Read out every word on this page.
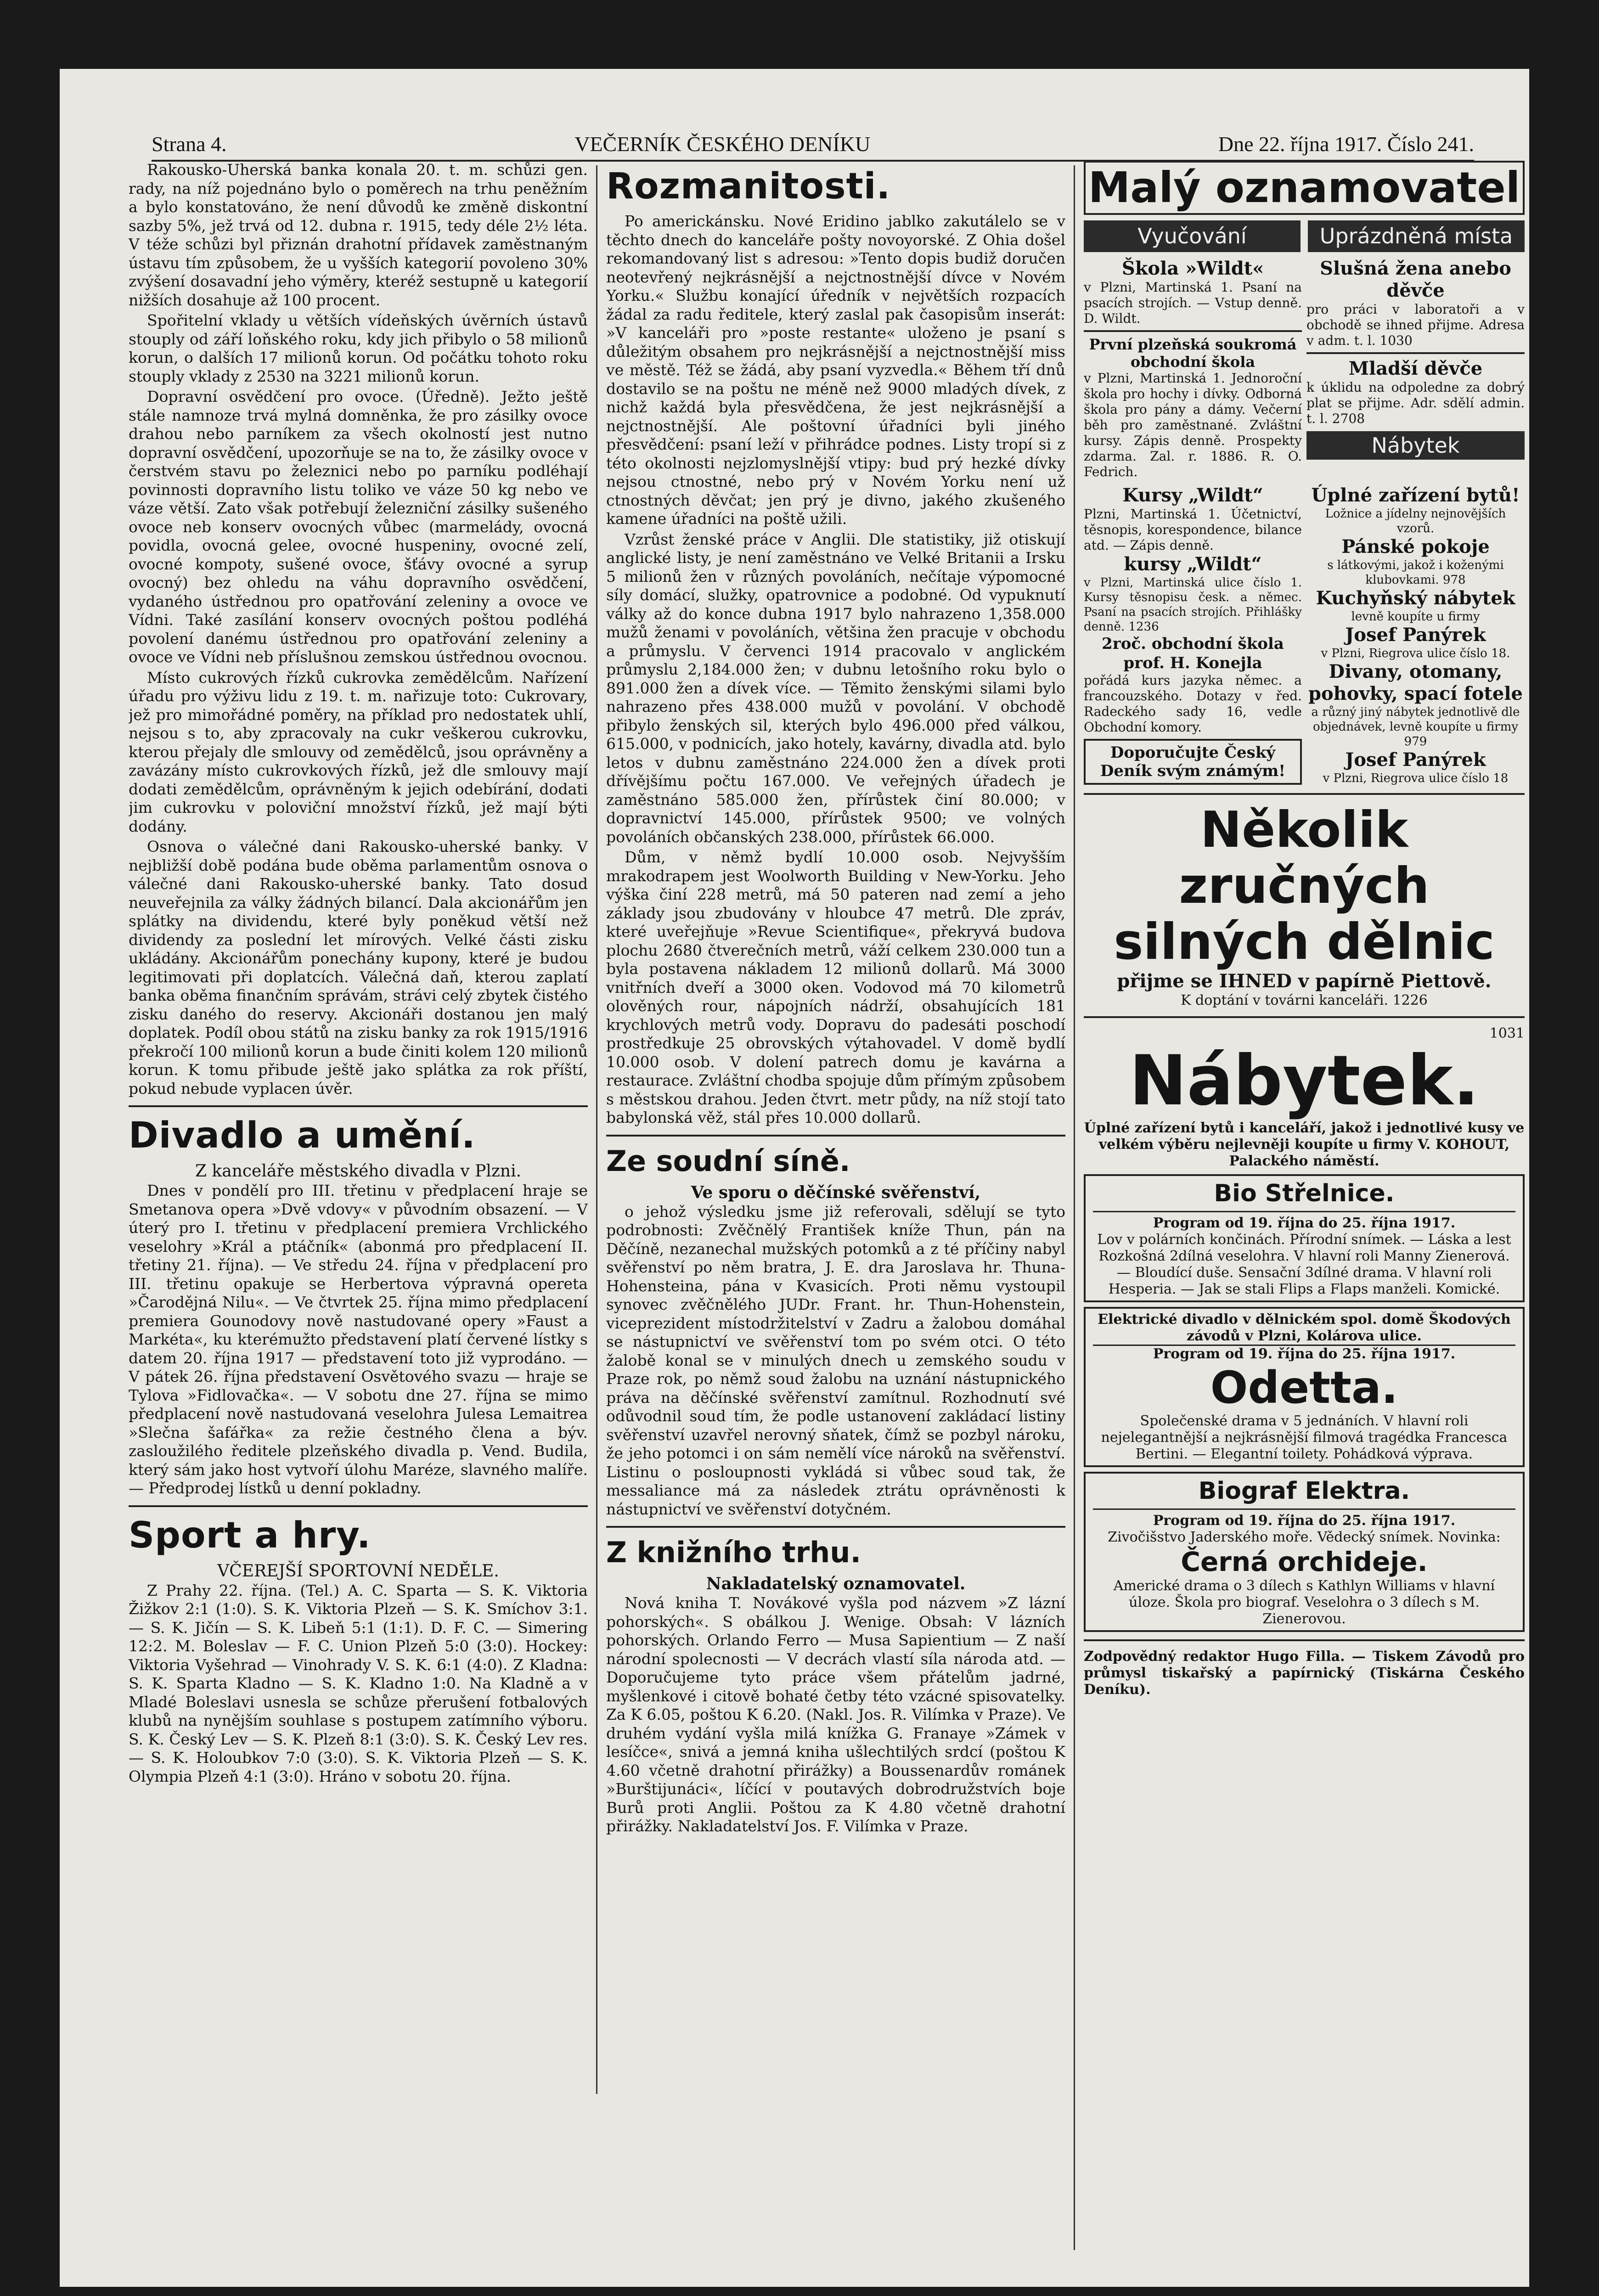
Strana 4.	VEČERNÍK ČESKÉHO DENÍKU	Dne 22. října 1917. Číslo 241.

Rakousko-Uherská banka konala 20. t. m. schůzi gen. rady, na níž pojednáno bylo o poměrech na trhu peněžním a bylo konstatováno, že není důvodů ke změně diskontní sazby 5%, jež trvá od 12. dubna r. 1915, tedy déle 2½ léta. V téže schůzi byl přiznán drahotní přídavek zaměstnaným ústavu tím způsobem, že u vyšších kategorií povoleno 30% zvýšení dosavadní jeho výměry, kteréž sestupně u kategorií nižších dosahuje až 100 procent.

Spořitelní vklady u větších vídeňských úvěrních ústavů stouply od září loňského roku, kdy jich přibylo o 58 milionů korun, o dalších 17 milionů korun. Od počátku tohoto roku stouply vklady z 2530 na 3221 milionů korun.

Dopravní osvědčení pro ovoce. (Úředně). Ježto ještě stále namnoze trvá mylná domněnka, že pro zásilky ovoce drahou nebo parníkem za všech okolností jest nutno dopravní osvědčení, upozorňuje se na to, že zásilky ovoce v čerstvém stavu po železnici nebo po parníku podléhají povinnosti dopravního listu toliko ve váze 50 kg nebo ve váze větší. Zato však potřebují železniční zásilky sušeného ovoce neb konserv ovocných vůbec (marmelády, ovocná povidla, ovocná gelee, ovocné huspeniny, ovocné zelí, ovocné kompoty, sušené ovoce, šťávy ovocné a syrup ovocný) bez ohledu na váhu dopravního osvědčení, vydaného ústřednou pro opatřování zeleniny a ovoce ve Vídni. Také zasílání konserv ovocných poštou podléhá povolení danému ústřednou pro opatřování zeleniny a ovoce ve Vídni neb příslušnou zemskou ústřednou ovocnou.

Místo cukrových řízků cukrovka zemědělcům. Nařízení úřadu pro výživu lidu z 19. t. m. nařizuje toto: Cukrovary, jež pro mimořádné poměry, na příklad pro nedostatek uhlí, nejsou s to, aby zpracovaly na cukr veškerou cukrovku, kterou přejaly dle smlouvy od zemědělců, jsou oprávněny a zavázány místo cukrovkových řízků, jež dle smlouvy mají dodati zemědělcům, oprávněným k jejich odebírání, dodati jim cukrovku v poloviční množství řízků, jež mají býti dodány.

Osnova o válečné dani Rakousko-uherské banky. V nejbližší době podána bude oběma parlamentům osnova o válečné dani Rakousko-uherské banky. Tato dosud neuveřejnila za války žádných bilancí. Dala akcionářům jen splátky na dividendu, které byly poněkud větší než dividendy za poslední let mírových. Velké části zisku ukládány. Akcionářům ponechány kupony, které je budou legitimovati při doplatcích. Válečná daň, kterou zaplatí banka oběma finančním správám, strávi celý zbytek čistého zisku daného do reservy. Akcionáři dostanou jen malý doplatek. Podíl obou států na zisku banky za rok 1915/1916 překročí 100 milionů korun a bude činiti kolem 120 milionů korun. K tomu přibude ještě jako splátka za rok příští, pokud nebude vyplacen úvěr.

Divadlo a umění.
Z kanceláře městského divadla v Plzni.

Dnes v pondělí pro III. třetinu v předplacení hraje se Smetanova opera »Dvě vdovy« v původním obsazení. — V úterý pro I. třetinu v předplacení premiera Vrchlického veselohry »Král a ptáčník« (abonmá pro předplacení II. třetiny 21. října). — Ve středu 24. října v předplacení pro III. třetinu opakuje se Herbertova výpravná opereta »Čarodějná Nilu«. — Ve čtvrtek 25. října mimo předplacení premiera Gounodovy nově nastudované opery »Faust a Markéta«, ku kterémužto představení platí červené lístky s datem 20. října 1917 — představení toto již vyprodáno. — V pátek 26. října představení Osvětového svazu — hraje se Tylova »Fidlovačka«. — V sobotu dne 27. října se mimo předplacení nově nastudovaná veselohra Julesa Lemaitrea »Slečna šafářka« za režie čestného člena a býv. zasloužilého ředitele plzeňského divadla p. Vend. Budila, který sám jako host vytvoří úlohu Maréze, slavného malíře. — Předprodej lístků u denní pokladny.

Sport a hry.
VČEREJŠÍ SPORTOVNÍ NEDĚLE.

Z Prahy 22. října. (Tel.) A. C. Sparta — S. K. Viktoria Žižkov 2:1 (1:0). S. K. Viktoria Plzeň — S. K. Smíchov 3:1. — S. K. Jičín — S. K. Libeň 5:1 (1:1). D. F. C. — Simering 12:2. M. Boleslav — F. C. Union Plzeň 5:0 (3:0). Hockey: Viktoria Vyšehrad — Vinohrady V. S. K. 6:1 (4:0). Z Kladna: S. K. Sparta Kladno — S. K. Kladno 1:0. Na Kladně a v Mladé Boleslavi usnesla se schůze přerušení fotbalových klubů na nynějším souhlase s postupem zatímního výboru. S. K. Český Lev — S. K. Plzeň 8:1 (3:0). S. K. Český Lev res. — S. K. Holoubkov 7:0 (3:0). S. K. Viktoria Plzeň — S. K. Olympia Plzeň 4:1 (3:0). Hráno v sobotu 20. října.

Rozmanitosti.

Po americkánsku. Nové Eridino jablko zakutálelo se v těchto dnech do kanceláře pošty novoyorské. Z Ohia došel rekomandovaný list s adresou: »Tento dopis budiž doručen neotevřený nejkrásnější a nejctnostnější dívce v Novém Yorku.« Službu konající úředník v největších rozpacích žádal za radu ředitele, který zaslal pak časopisům inserát: »V kanceláři pro »poste restante« uloženo je psaní s důležitým obsahem pro nejkrásnější a nejctnostnější miss ve městě. Též se žádá, aby psaní vyzvedla.« Během tří dnů dostavilo se na poštu ne méně než 9000 mladých dívek, z nichž každá byla přesvědčena, že jest nejkrásnější a nejctnostnější. Ale poštovní úřadníci byli jiného přesvědčení: psaní leží v přihrádce podnes. Listy tropí si z této okolnosti nejzlomyslnější vtipy: bud prý hezké dívky nejsou ctnostné, nebo prý v Novém Yorku není už ctnostných děvčat; jen prý je divno, jakého zkušeného kamene úřadníci na poště užili.

Vzrůst ženské práce v Anglii. Dle statistiky, již otiskují anglické listy, je není zaměstnáno ve Velké Britanii a Irsku 5 milionů žen v různých povoláních, nečítaje výpomocné síly domácí, služky, opatrovnice a podobné. Od vypuknutí války až do konce dubna 1917 bylo nahrazeno 1,358.000 mužů ženami v povoláních, většina žen pracuje v obchodu a průmyslu. V červenci 1914 pracovalo v anglickém průmyslu 2,184.000 žen; v dubnu letošního roku bylo o 891.000 žen a dívek více. — Těmito ženskými silami bylo nahrazeno přes 438.000 mužů v povolání. V obchodě přibylo ženských sil, kterých bylo 496.000 před válkou, 615.000, v podnicích, jako hotely, kavárny, divadla atd. bylo letos v dubnu zaměstnáno 224.000 žen a dívek proti dřívějšímu počtu 167.000. Ve veřejných úřadech je zaměstnáno 585.000 žen, přírůstek činí 80.000; v dopravnictví 145.000, přírůstek 9500; ve volných povoláních občanských 238.000, přírůstek 66.000.

Dům, v němž bydlí 10.000 osob. Nejvyšším mrakodrapem jest Woolworth Building v New-Yorku. Jeho výška činí 228 metrů, má 50 pateren nad zemí a jeho základy jsou zbudovány v hloubce 47 metrů. Dle zpráv, které uveřejňuje »Revue Scientifique«, překryvá budova plochu 2680 čtverečních metrů, váží celkem 230.000 tun a byla postavena nákladem 12 milionů dollarů. Má 3000 vnitřních dveří a 3000 oken. Vodovod má 70 kilometrů olověných rour, nápojních nádrží, obsahujících 181 krychlových metrů vody. Dopravu do padesáti poschodí prostředkuje 25 obrovských výtahovadel. V domě bydlí 10.000 osob. V dolení patrech domu je kavárna a restaurace. Zvláštní chodba spojuje dům přímým způsobem s městskou drahou. Jeden čtvrt. metr půdy, na níž stojí tato babylonská věž, stál přes 10.000 dollarů.

Ze soudní síně.
Ve sporu o děčínské svěřenství,

o jehož výsledku jsme již referovali, sdělují se tyto podrobnosti: Zvěčnělý František kníže Thun, pán na Děčíně, nezanechal mužských potomků a z té příčiny nabyl svěřenství po něm bratra, J. E. dra Jaroslava hr. Thuna-Hohensteina, pána v Kvasicích. Proti němu vystoupil synovec zvěčnělého JUDr. Frant. hr. Thun-Hohenstein, viceprezident místodržitelství v Zadru a žalobou domáhal se nástupnictví ve svěřenství tom po svém otci. O této žalobě konal se v minulých dnech u zemského soudu v Praze rok, po němž soud žalobu na uznání nástupnického práva na děčínské svěřenství zamítnul. Rozhodnutí své odůvodnil soud tím, že podle ustanovení zakládací listiny svěřenství uzavřel nerovný sňatek, čímž se pozbyl nároku, že jeho potomci i on sám nemělí více nároků na svěřenství. Listinu o posloupnosti vykládá si vůbec soud tak, že messaliance má za následek ztrátu oprávněnosti k nástupnictví ve svěřenství dotyčném.

Z knižního trhu.
Nakladatelský oznamovatel.

Nová kniha T. Novákové vyšla pod názvem »Z lázní pohorských«. S obálkou J. Wenige. Obsah: V lázních pohorských. Orlando Ferro — Musa Sapientium — Z naší národní spolecnosti — V decrách vlastí síla národa atd. — Doporučujeme tyto práce všem přátelům jadrné, myšlenkové i citově bohaté četby této vzácné spisovatelky. Za K 6.05, poštou K 6.20. (Nakl. Jos. R. Vilímka v Praze). Ve druhém vydání vyšla milá knížka G. Franaye »Zámek v lesíčce«, snivá a jemná kniha ušlechtilých srdcí (poštou K 4.60 včetně drahotní přirážky) a Boussenardův románek »Burštijunáci«, líčící v poutavých dobrodružstvích boje Burů proti Anglii. Poštou za K 4.80 včetně drahotní přirážky. Nakladatelství Jos. F. Vilímka v Praze.

Malý oznamovatel
Vyučování	Uprázdněná místa
Škola »Wildt«
v Plzni, Martinská 1. Psaní na psacích strojích. — Vstup denně. D. Wildt.
První plzeňská soukromá obchodní škola
v Plzni, Martinská 1. Jednoroční škola pro hochy i dívky. Odborná škola pro pány a dámy. Večerní běh pro zaměstnané. Zvláštní kursy. Zápis denně. Prospekty zdarma. Zal. r. 1886. R. O. Fedrich.
Slušná žena anebo děvče
pro práci v laboratoři a v obchodě se ihned přijme. Adresa v adm. t. l. 1030
Mladší děvče
k úklidu na odpoledne za dobrý plat se přijme. Adr. sdělí admin. t. l. 2708
Nábytek
Kursy „Wildt“
Plzni, Martinská 1. Účetnictví, těsnopis, korespondence, bilance atd. — Zápis denně.
kursy „Wildt“
v Plzni, Martinská ulice číslo 1. Kursy těsnopisu česk. a němec. Psaní na psacích strojích. Přihlášky denně. 1236
2roč. obchodní škola prof. H. Konejla
pořádá kurs jazyka němec. a francouzského. Dotazy v řed. Radeckého sady 16, vedle Obchodní komory.
Doporučujte Český Deník svým známým!
Úplné zařízení bytů!
Ložnice a jídelny nejnovějších vzorů.
Pánské pokoje
s látkovými, jakož i koženými klubovkami. 978
Kuchyňský nábytek
levně koupíte u firmy
Josef Panýrek
v Plzni, Riegrova ulice číslo 18.
Divany, otomany, pohovky, spací fotele
a různý jiný nábytek jednotlivě dle objednávek, levně koupíte u firmy 979
Josef Panýrek
v Plzni, Riegrova ulice číslo 18
Několik zručných silných dělnic
přijme se IHNED v papírně Piettově.
K doptání v továrni kanceláři. 1226
1031
Nábytek.
Úplné zařízení bytů i kanceláří, jakož i jednotlivé kusy ve velkém výběru nejlevněji koupíte u firmy V. KOHOUT, Palackého náměstí.
Bio Střelnice.
Program od 19. října do 25. října 1917.
Lov v polárních končinách. Přírodní snímek. — Láska a lest Rozkošná 2dílná veselohra. V hlavní roli Manny Zienerová. — Bloudící duše. Sensační 3dílné drama. V hlavní roli Hesperia. — Jak se stali Flips a Flaps manželi. Komické.
Elektrické divadlo v dělnickém spol. domě Škodových závodů v Plzni, Kolárova ulice.
Program od 19. října do 25. října 1917.
Odetta.
Společenské drama v 5 jednáních. V hlavní roli nejelegantnější a nejkrásnější filmová tragédka Francesca Bertini. — Elegantní toilety. Pohádková výprava.
Biograf Elektra.
Program od 19. října do 25. října 1917.
Zivočišstvo Jaderského moře. Vědecký snímek. Novinka:
Černá orchideje.
Americké drama o 3 dílech s Kathlyn Williams v hlavní úloze. Škola pro biograf. Veselohra o 3 dílech s M. Zienerovou.
Zodpovědný redaktor Hugo Filla. — Tiskem Závodů pro průmysl tiskařský a papírnický (Tiskárna Českého Deníku).
